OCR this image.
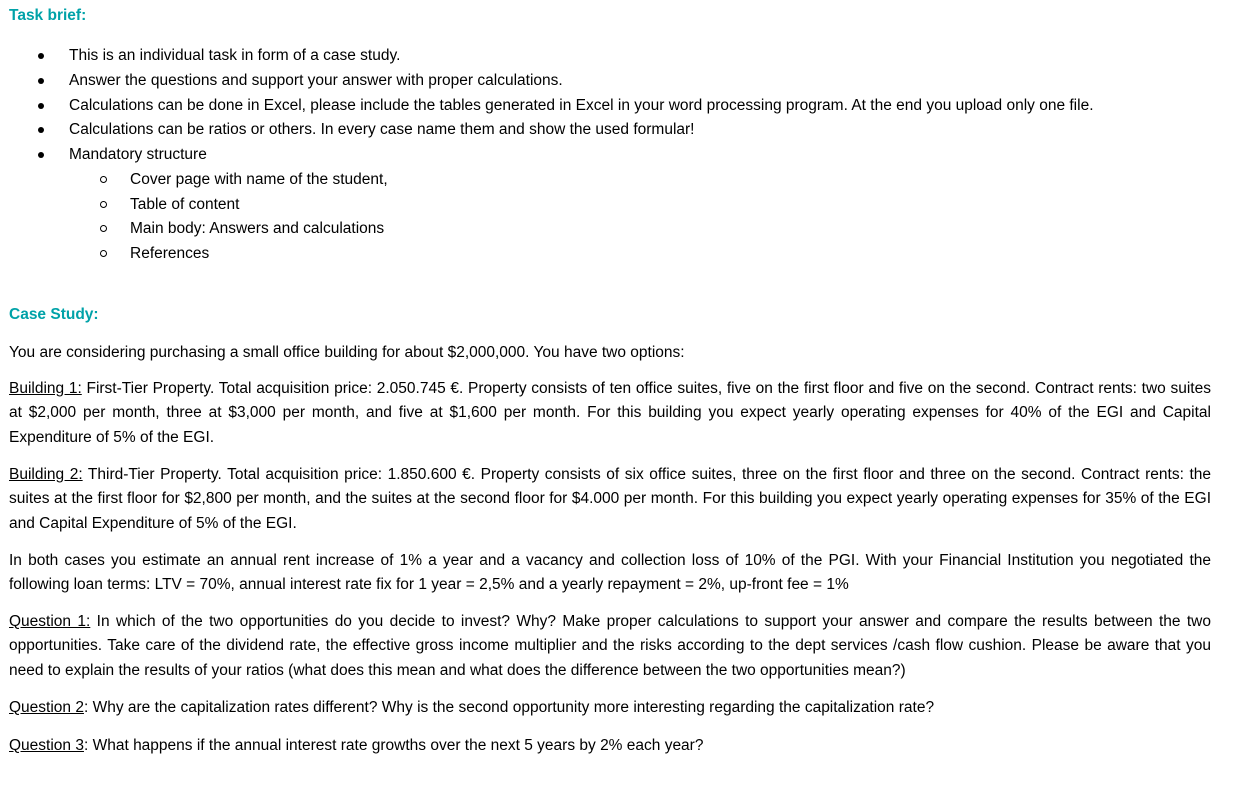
Task brief:
This is an individual task in form of a case study.
Answer the questions and support your answer with proper calculations.
Calculations can be done in Excel, please include the tables generated in Excel in your word processing program. At the end you upload only one file.
Calculations can be ratios or others. In every case name them and show the used formular!
Mandatory structure
Cover page with name of the student,
Table of content
Main body: Answers and calculations
References
Case Study:
You are considering purchasing a small office building for about $2,000,000. You have two options:
Building 1: First-Tier Property. Total acquisition price: 2.050.745 €. Property consists of ten office suites, five on the first floor and five on the second. Contract rents: two suites at $2,000 per month, three at $3,000 per month, and five at $1,600 per month. For this building you expect yearly operating expenses for 40% of the EGI and Capital Expenditure of 5% of the EGI.
Building 2: Third-Tier Property. Total acquisition price: 1.850.600 €. Property consists of six office suites, three on the first floor and three on the second. Contract rents: the suites at the first floor for $2,800 per month, and the suites at the second floor for $4.000 per month. For this building you expect yearly operating expenses for 35% of the EGI and Capital Expenditure of 5% of the EGI.
In both cases you estimate an annual rent increase of 1% a year and a vacancy and collection loss of 10% of the PGI. With your Financial Institution you negotiated the following loan terms: LTV = 70%, annual interest rate fix for 1 year = 2,5% and a yearly repayment = 2%, up-front fee = 1%
Question 1: In which of the two opportunities do you decide to invest? Why? Make proper calculations to support your answer and compare the results between the two opportunities. Take care of the dividend rate, the effective gross income multiplier and the risks according to the dept services /cash flow cushion. Please be aware that you need to explain the results of your ratios (what does this mean and what does the difference between the two opportunities mean?)
Question 2: Why are the capitalization rates different? Why is the second opportunity more interesting regarding the capitalization rate?
Question 3: What happens if the annual interest rate growths over the next 5 years by 2% each year?
